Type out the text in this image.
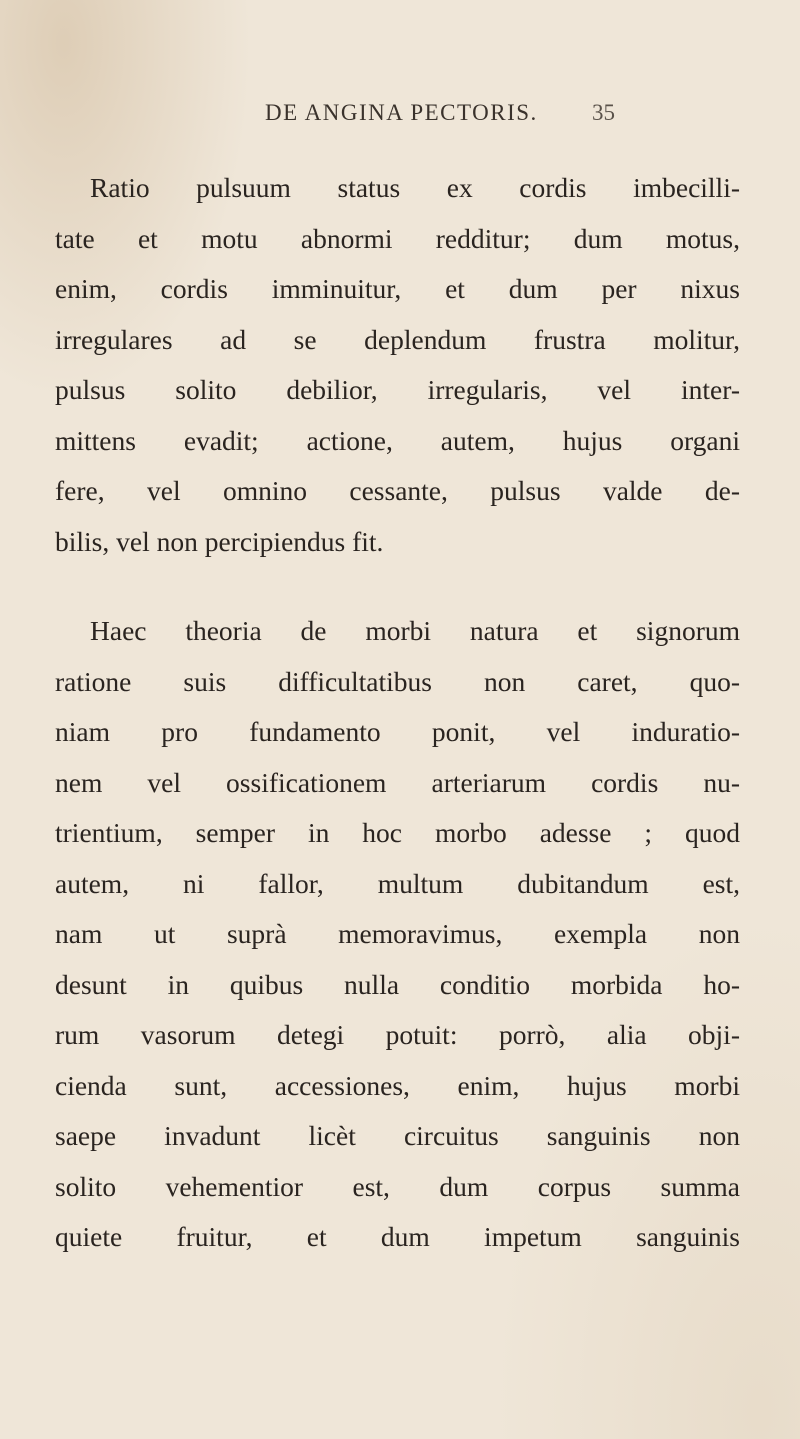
DE ANGINA PECTORIS. 35
Ratio pulsuum status ex cordis imbecilli-
tate et motu abnormi redditur; dum motus,
enim, cordis imminuitur, et dum per nixus
irregulares ad se deplendum frustra molitur,
pulsus solito debilior, irregularis, vel inter-
mittens evadit; actione, autem, hujus organi
fere, vel omnino cessante, pulsus valde de-
bilis, vel non percipiendus fit.
Haec theoria de morbi natura et signorum
ratione suis difficultatibus non caret, quo-
niam pro fundamento ponit, vel induratio-
nem vel ossificationem arteriarum cordis nu-
trientium, semper in hoc morbo adesse ; quod
autem, ni fallor, multum dubitandum est,
nam ut suprà memoravimus, exempla non
desunt in quibus nulla conditio morbida ho-
rum vasorum detegi potuit: porrò, alia obji-
cienda sunt, accessiones, enim, hujus morbi
saepe invadunt licèt circuitus sanguinis non
solito vehementior est, dum corpus summa
quiete fruitur, et dum impetum sanguinis
